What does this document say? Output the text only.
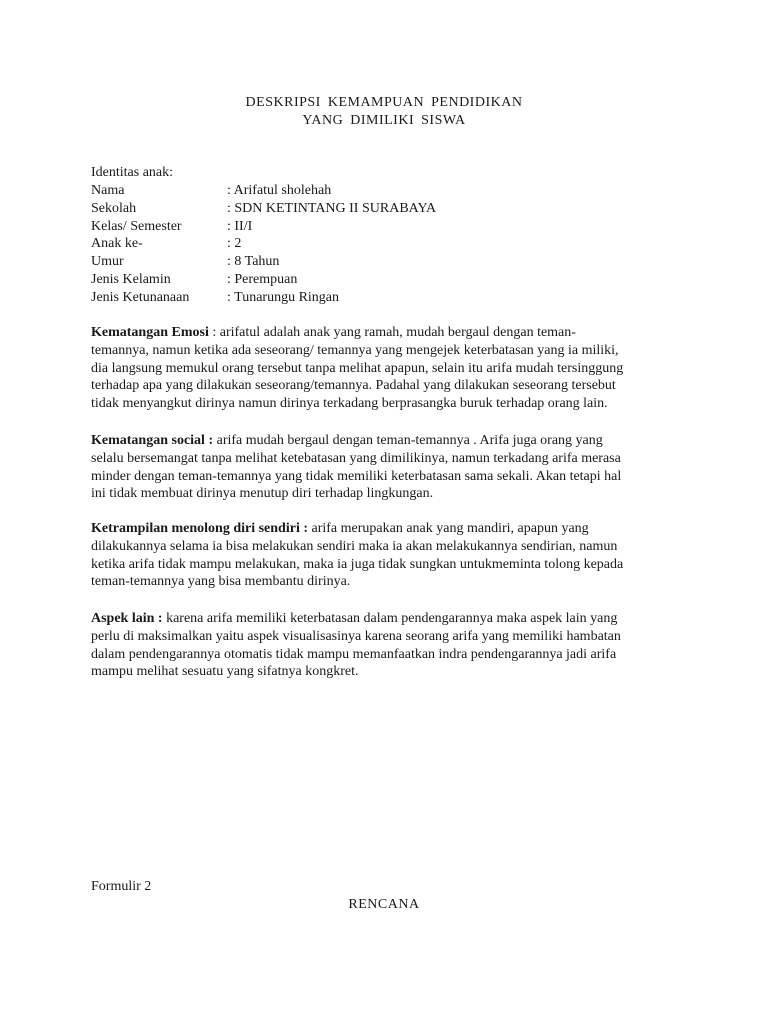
DESKRIPSI KEMAMPUAN PENDIDIKAN
YANG DIMILIKI SISWA
Identitas anak:
Nama	: Arifatul sholehah
Sekolah	: SDN KETINTANG II SURABAYA
Kelas/ Semester	: II/I
Anak ke-	: 2
Umur	: 8 Tahun
Jenis Kelamin	: Perempuan
Jenis Ketunanaan	: Tunarungu Ringan
Kematangan Emosi : arifatul adalah anak yang ramah, mudah bergaul dengan teman-
temannya, namun ketika ada seseorang/ temannya yang mengejek keterbatasan yang ia miliki,
dia langsung memukul orang tersebut tanpa melihat apapun, selain itu arifa mudah tersinggung
terhadap apa yang dilakukan seseorang/temannya. Padahal yang dilakukan seseorang tersebut
tidak menyangkut dirinya namun dirinya terkadang berprasangka buruk terhadap orang lain.
Kematangan social : arifa mudah bergaul dengan teman-temannya . Arifa juga orang yang
selalu bersemangat tanpa melihat ketebatasan yang dimilikinya, namun terkadang arifa merasa
minder dengan teman-temannya yang tidak memiliki keterbatasan sama sekali. Akan tetapi hal
ini tidak membuat dirinya menutup diri terhadap lingkungan.
Ketrampilan menolong diri sendiri : arifa merupakan anak yang mandiri, apapun yang
dilakukannya selama ia bisa melakukan sendiri maka ia akan melakukannya sendirian, namun
ketika arifa tidak mampu melakukan, maka ia juga tidak sungkan untukmeminta tolong kepada
teman-temannya yang bisa membantu dirinya.
Aspek lain : karena arifa memiliki keterbatasan dalam pendengarannya maka aspek lain yang
perlu di maksimalkan yaitu aspek visualisasinya karena seorang arifa yang memiliki hambatan
dalam pendengarannya otomatis tidak mampu memanfaatkan indra pendengarannya jadi arifa
mampu melihat sesuatu yang sifatnya kongkret.
Formulir 2
RENCANA
